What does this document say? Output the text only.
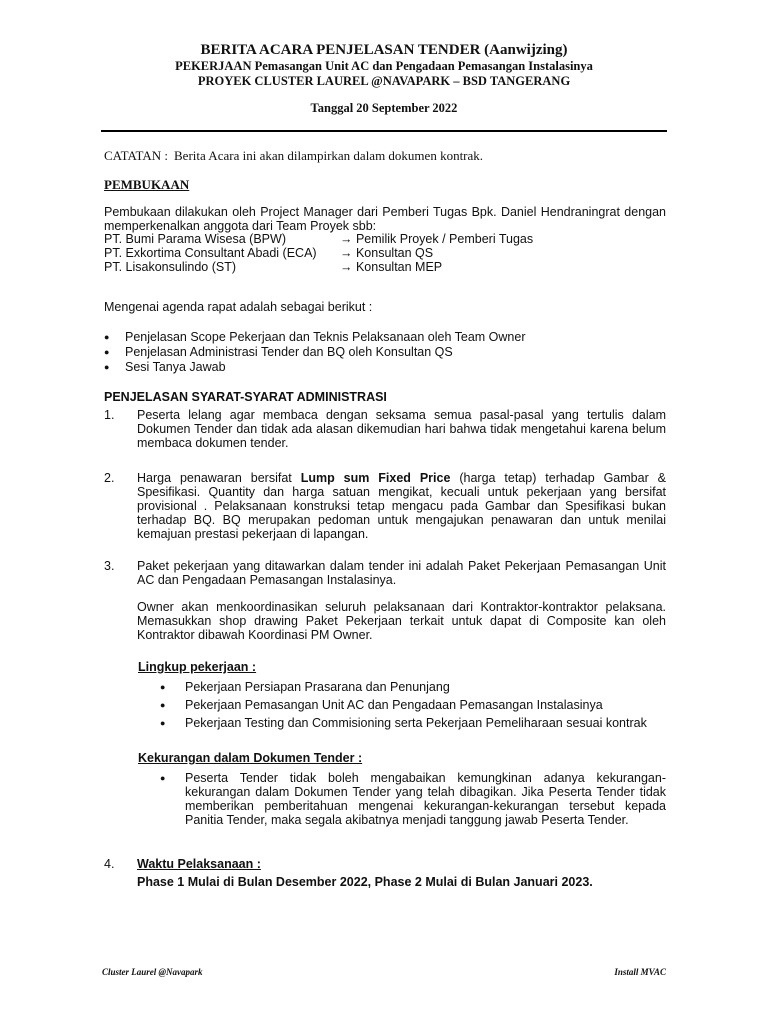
BERITA ACARA PENJELASAN TENDER (Aanwijzing)
PEKERJAAN Pemasangan Unit AC dan Pengadaan Pemasangan Instalasinya
PROYEK CLUSTER LAUREL @NAVAPARK – BSD TANGERANG
Tanggal 20 September 2022
CATATAN : Berita Acara ini akan dilampirkan dalam dokumen kontrak.
PEMBUKAAN
Pembukaan dilakukan oleh Project Manager dari Pemberi Tugas Bpk. Daniel Hendraningrat dengan memperkenalkan anggota dari Team Proyek sbb:
PT. Bumi Parama Wisesa (BPW)	→ Pemilik Proyek / Pemberi Tugas
PT. Exkortima Consultant Abadi (ECA)	→ Konsultan QS
PT. Lisakonsulindo (ST)	→ Konsultan MEP
Mengenai agenda rapat adalah sebagai berikut :
●	Penjelasan Scope Pekerjaan dan Teknis Pelaksanaan oleh Team Owner
●	Penjelasan Administrasi Tender dan BQ oleh Konsultan QS
●	Sesi Tanya Jawab
PENJELASAN SYARAT-SYARAT ADMINISTRASI
1. Peserta lelang agar membaca dengan seksama semua pasal-pasal yang tertulis dalam Dokumen Tender dan tidak ada alasan dikemudian hari bahwa tidak mengetahui karena belum membaca dokumen tender.
2. Harga penawaran bersifat Lump sum Fixed Price (harga tetap) terhadap Gambar & Spesifikasi. Quantity dan harga satuan mengikat, kecuali untuk pekerjaan yang bersifat provisional . Pelaksanaan konstruksi tetap mengacu pada Gambar dan Spesifikasi bukan terhadap BQ. BQ merupakan pedoman untuk mengajukan penawaran dan untuk menilai kemajuan prestasi pekerjaan di lapangan.
3. Paket pekerjaan yang ditawarkan dalam tender ini adalah Paket Pekerjaan Pemasangan Unit AC dan Pengadaan Pemasangan Instalasinya.
Owner akan menkoordinasikan seluruh pelaksanaan dari Kontraktor-kontraktor pelaksana. Memasukkan shop drawing Paket Pekerjaan terkait untuk dapat di Composite kan oleh Kontraktor dibawah Koordinasi PM Owner.
Lingkup pekerjaan :
●	Pekerjaan Persiapan Prasarana dan Penunjang
●	Pekerjaan Pemasangan Unit AC dan Pengadaan Pemasangan Instalasinya
●	Pekerjaan Testing dan Commisioning serta Pekerjaan Pemeliharaan sesuai kontrak
Kekurangan dalam Dokumen Tender :
●	Peserta Tender tidak boleh mengabaikan kemungkinan adanya kekurangan-kekurangan dalam Dokumen Tender yang telah dibagikan. Jika Peserta Tender tidak memberikan pemberitahuan mengenai kekurangan-kekurangan tersebut kepada Panitia Tender, maka segala akibatnya menjadi tanggung jawab Peserta Tender.
4. Waktu Pelaksanaan :
Phase 1 Mulai di Bulan Desember 2022, Phase 2 Mulai di Bulan Januari 2023.
Cluster Laurel @Navapark	Install MVAC
